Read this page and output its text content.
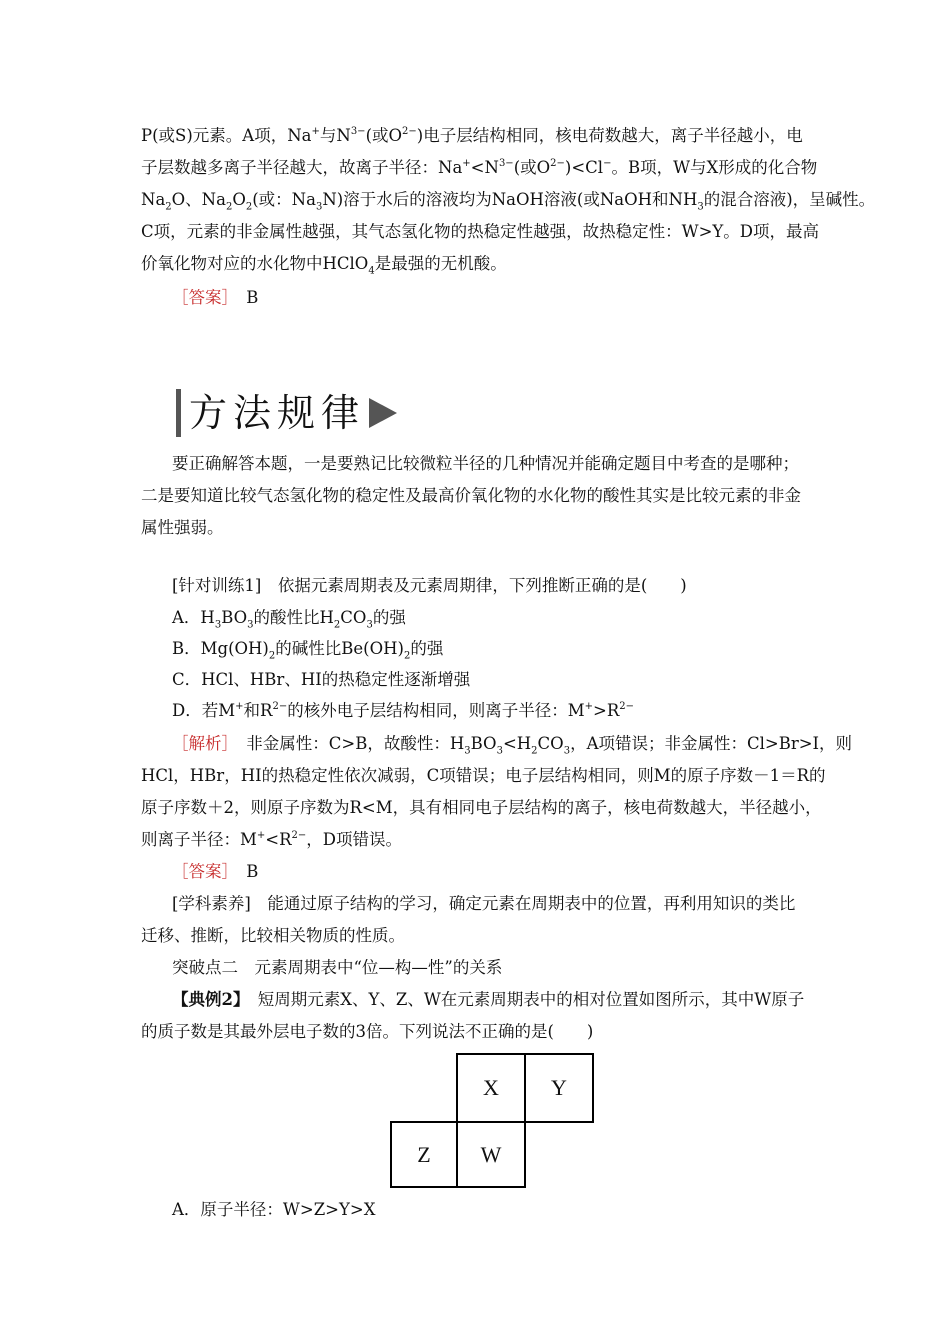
P(或S)元素。A项，Na+与$N^{3-}$(或$O^{2-}$)电子层结构相同，核电荷数越大，离子半径越小，电
子层数越多离子半径越大，故离子半径：$Na^+<N^{3-}$(或$O^{2-})<Cl^-$。B项，W与X形成的化合物
$Na_2O$、$Na_2O_2$(或：$Na_3N$)溶于水后的溶液均为NaOH溶液(或NaOH和$NH_3$的混合溶液)，呈碱性。
C项，元素的非金属性越强，其气态氢化物的热稳定性越强，故热稳定性：W>Y。D项，最高
价氧化物对应的水化物中HClO$_4$是最强的无机酸。
［答案］　 B
方法规律
要正确解答本题，一是要熟记比较微粒半径的几种情况并能确定题目中考查的是哪种；
二是要知道比较气态氢化物的稳定性及最高价氧化物的水化物的酸性其实是比较元素的非金
属性强弱。
[针对训练1]　依据元素周期表及元素周期律，下列推断正确的是(　　)
A．$H_3BO_3$的酸性比$H_2CO_3$的强
B．$Mg(OH)_2$的碱性比$Be(OH)_2$的强
C．HCl、HBr、HI的热稳定性逐渐增强
D．若M+和$R^{2-}$的核外电子层结构相同，则离子半径：$M^+>R^{2-}$
［解析］　非金属性：C>B，故酸性：$H_3BO_3<H_2CO_3$，A项错误；非金属性：Cl>Br>I，则
HCl，HBr，HI的热稳定性依次减弱，C项错误；电子层结构相同，则M的原子序数－1＝R的
原子序数＋2，则原子序数为R<M，具有相同电子层结构的离子，核电荷数越大，半径越小，
则离子半径：$M^+<R^{2-}$，D项错误。
［答案］　 B
[学科素养]　能通过原子结构的学习，确定元素在周期表中的位置，再利用知识的类比
迁移、推断，比较相关物质的性质。
突破点二　元素周期表中“位—构—性”的关系
【典例2】　短周期元素X、Y、Z、W在元素周期表中的相对位置如图所示，其中W原子
的质子数是其最外层电子数的3倍。下列说法不正确的是(　　)
X	Y
Z	W
A．原子半径：W>Z>Y>X
